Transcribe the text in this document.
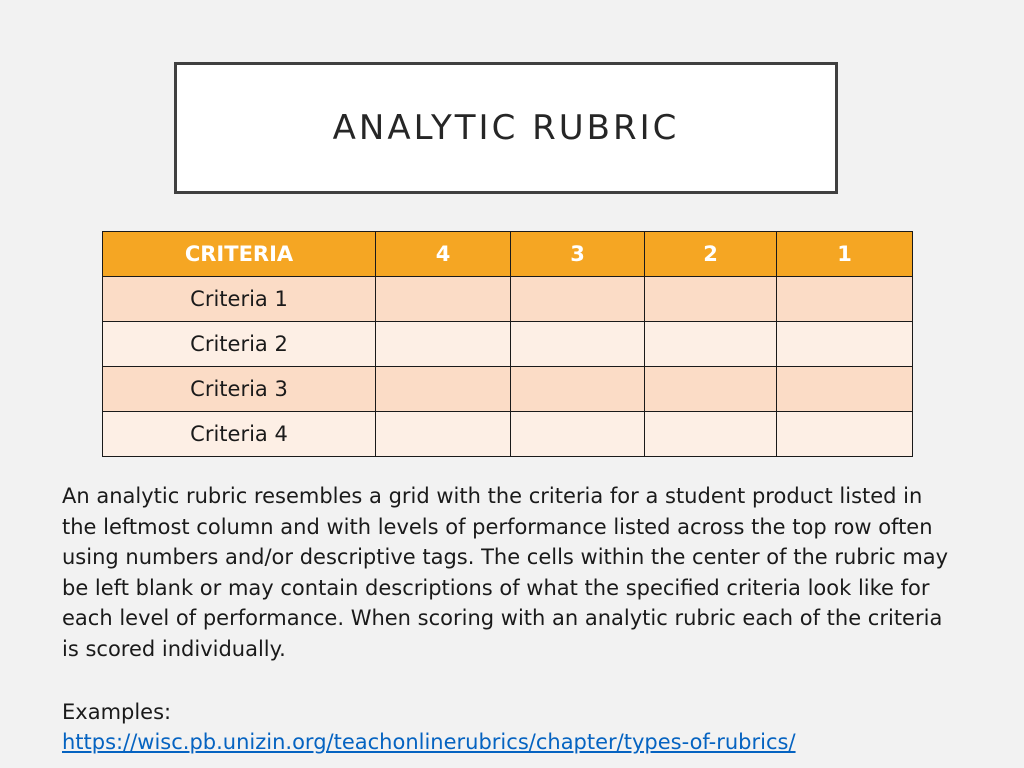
ANALYTIC RUBRIC
CRITERIA	4	3	2	1
Criteria 1				
Criteria 2				
Criteria 3				
Criteria 4				

An analytic rubric resembles a grid with the criteria for a student product listed in the leftmost column and with levels of performance listed across the top row often using numbers and/or descriptive tags. The cells within the center of the rubric may be left blank or may contain descriptions of what the specified criteria look like for each level of performance. When scoring with an analytic rubric each of the criteria is scored individually.

Examples:
https://wisc.pb.unizin.org/teachonlinerubrics/chapter/types-of-rubrics/
